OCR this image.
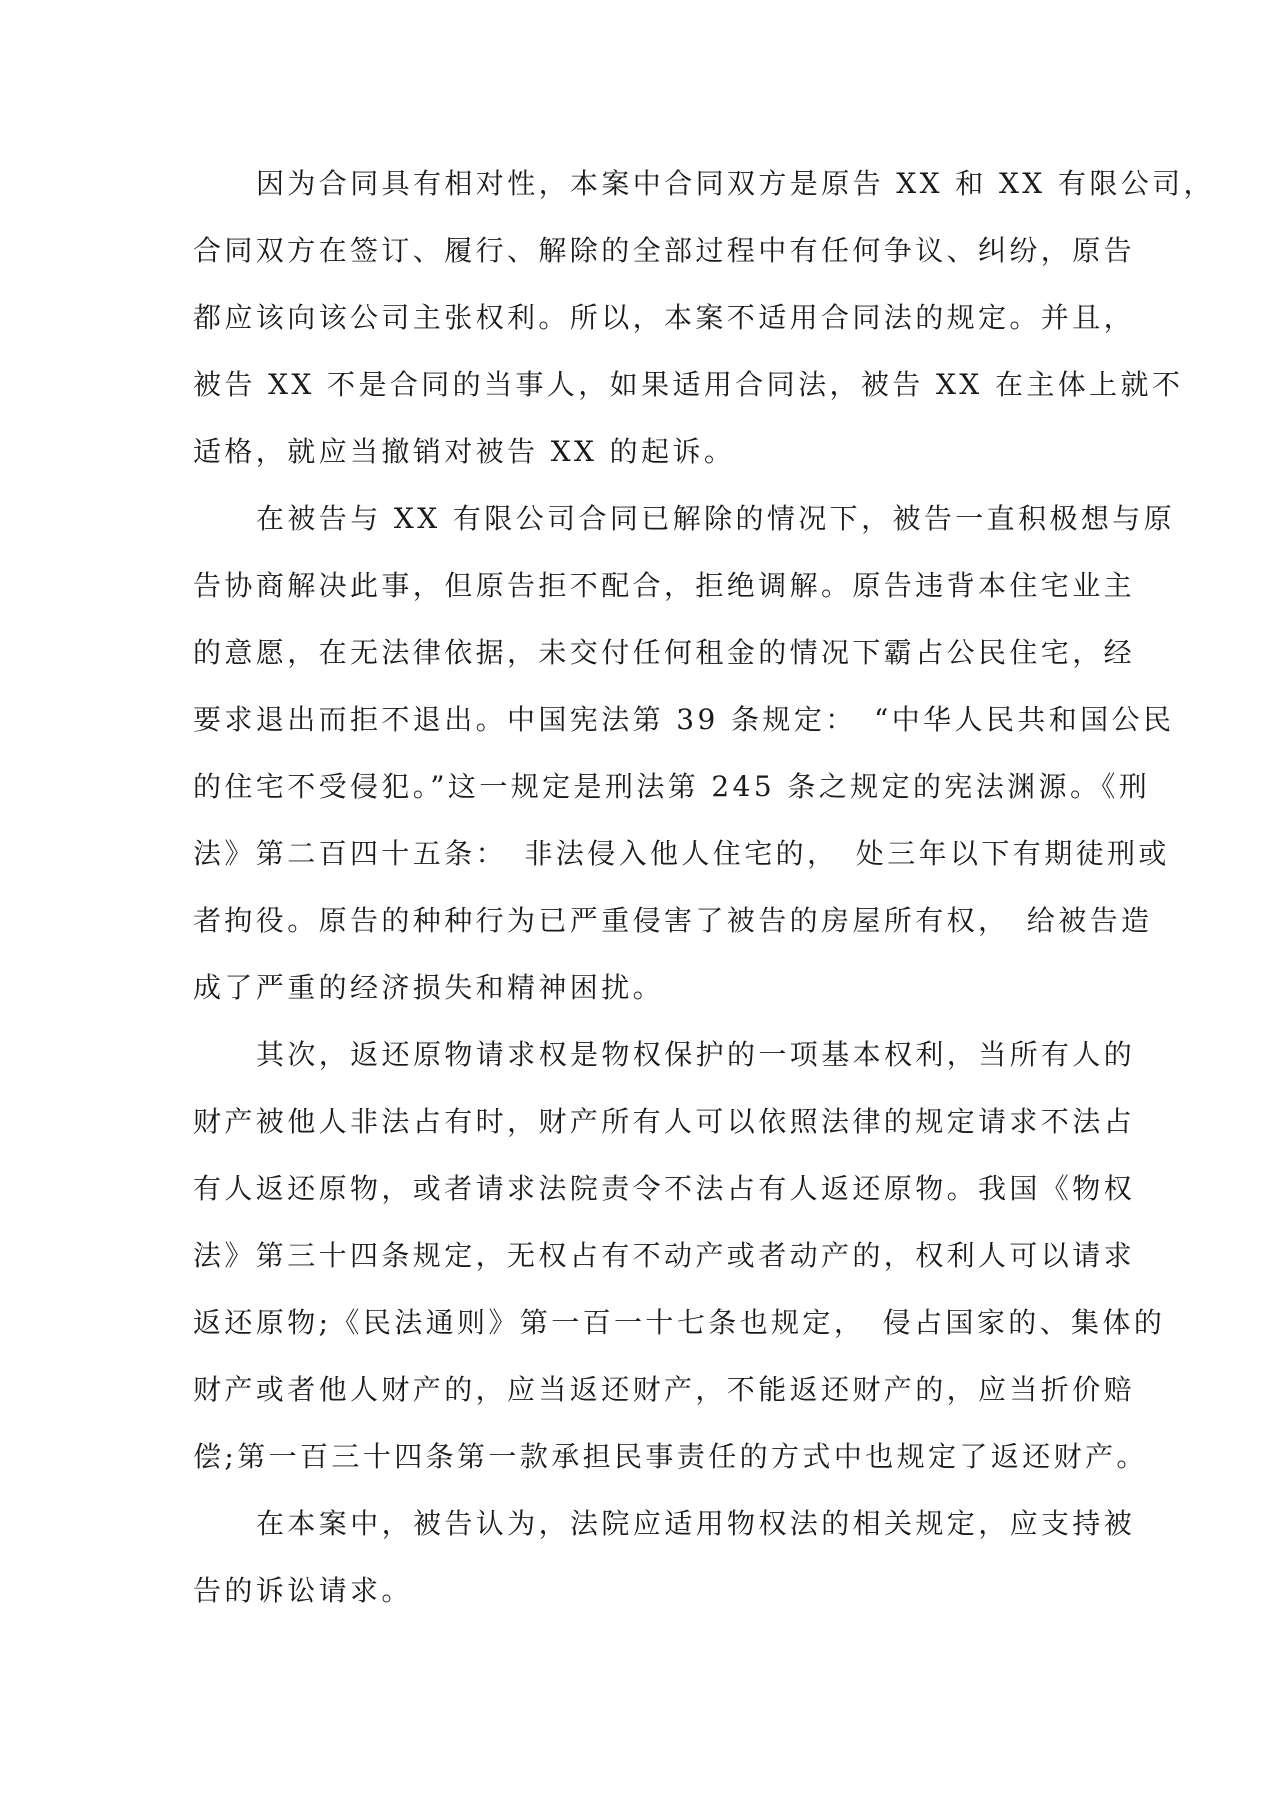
因为合同具有相对性，本案中合同双方是原告 XX 和 XX 有限公司，
合同双方在签订、履行、解除的全部过程中有任何争议、纠纷，原告
都应该向该公司主张权利。所以，本案不适用合同法的规定。并且，
被告 XX 不是合同的当事人，如果适用合同法，被告 XX 在主体上就不
适格，就应当撤销对被告 XX 的起诉。
在被告与 XX 有限公司合同已解除的情况下，被告一直积极想与原
告协商解决此事，但原告拒不配合，拒绝调解。原告违背本住宅业主
的意愿，在无法律依据，未交付任何租金的情况下霸占公民住宅，经
要求退出而拒不退出。中国宪法第 39 条规定：　“中华人民共和国公民
的住宅不受侵犯。”这一规定是刑法第 245 条之规定的宪法渊源。《刑
法》第二百四十五条：　非法侵入他人住宅的，　处三年以下有期徒刑或
者拘役。原告的种种行为已严重侵害了被告的房屋所有权，　给被告造
成了严重的经济损失和精神困扰。
其次，返还原物请求权是物权保护的一项基本权利，当所有人的
财产被他人非法占有时，财产所有人可以依照法律的规定请求不法占
有人返还原物，或者请求法院责令不法占有人返还原物。我国《物权
法》第三十四条规定，无权占有不动产或者动产的，权利人可以请求
返还原物;《民法通则》第一百一十七条也规定，　侵占国家的、集体的
财产或者他人财产的，应当返还财产，不能返还财产的，应当折价赔
偿;第一百三十四条第一款承担民事责任的方式中也规定了返还财产。
在本案中，被告认为，法院应适用物权法的相关规定，应支持被
告的诉讼请求。
